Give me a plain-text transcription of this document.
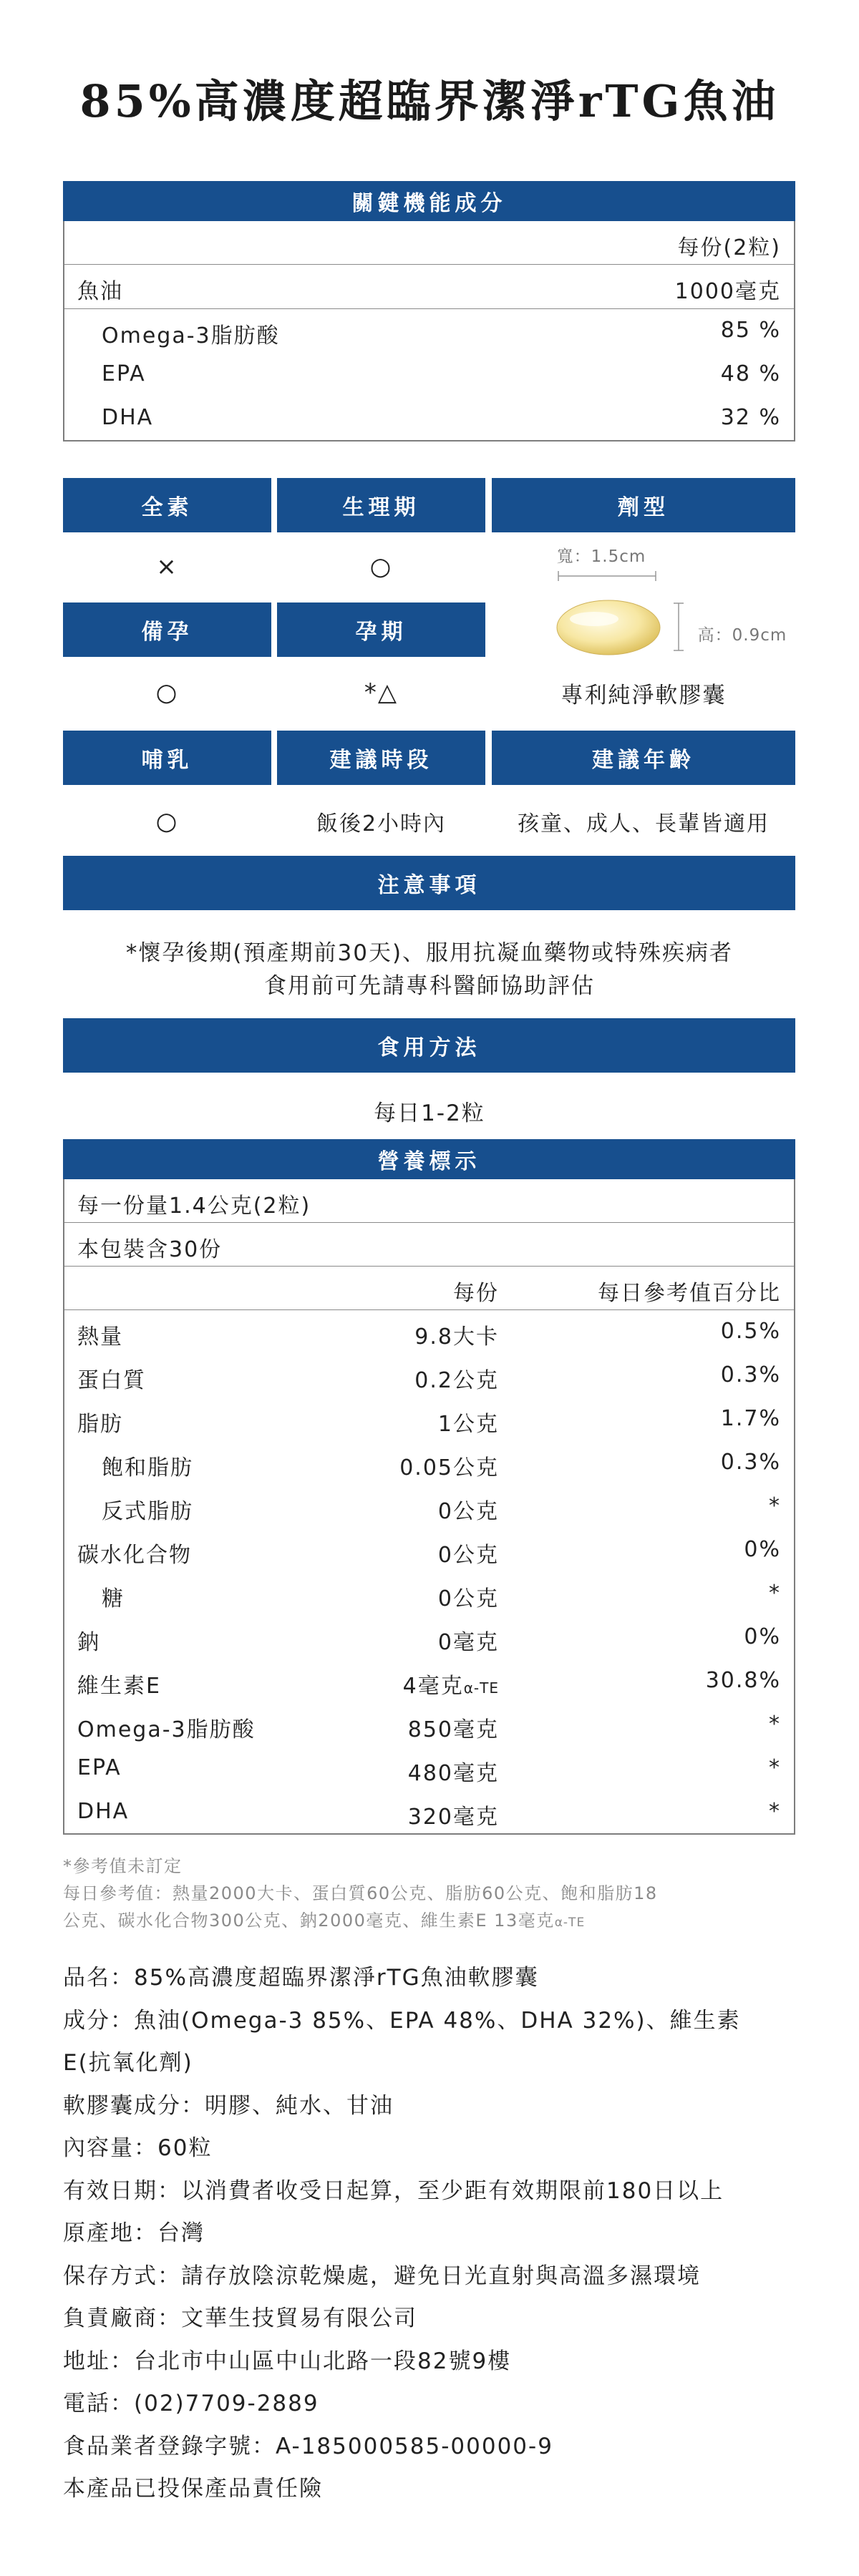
85%高濃度超臨界潔淨rTG魚油
關鍵機能成分
每份(2粒)
魚油	1000毫克
Omega-3脂肪酸	85 %
EPA	48 %
DHA	32 %
全素	生理期	劑型
×	○	寬：1.5cm
高：0.9cm
備孕	孕期
○	*△	專利純淨軟膠囊
哺乳	建議時段	建議年齡
○	飯後2小時內	孩童、成人、長輩皆適用
注意事項
*懷孕後期(預產期前30天)、服用抗凝血藥物或特殊疾病者
食用前可先請專科醫師協助評估
食用方法
每日1-2粒
營養標示
每一份量1.4公克(2粒)
本包裝含30份
每份	每日參考值百分比
熱量	9.8大卡	0.5%
蛋白質	0.2公克	0.3%
脂肪	1公克	1.7%
飽和脂肪	0.05公克	0.3%
反式脂肪	0公克	*
碳水化合物	0公克	0%
糖	0公克	*
鈉	0毫克	0%
維生素E	4毫克α-TE	30.8%
Omega-3脂肪酸	850毫克	*
EPA	480毫克	*
DHA	320毫克	*
*參考值未訂定
每日參考值：熱量2000大卡、蛋白質60公克、脂肪60公克、飽和脂肪18
公克、碳水化合物300公克、鈉2000毫克、維生素E 13毫克α-TE
品名：85%高濃度超臨界潔淨rTG魚油軟膠囊
成分：魚油(Omega-3 85%、EPA 48%、DHA 32%)、維生素
E(抗氧化劑)
軟膠囊成分：明膠、純水、甘油
內容量：60粒
有效日期：以消費者收受日起算，至少距有效期限前180日以上
原產地：台灣
保存方式：請存放陰涼乾燥處，避免日光直射與高溫多濕環境
負責廠商：文華生技貿易有限公司
地址：台北市中山區中山北路一段82號9樓
電話：(02)7709-2889
食品業者登錄字號：A-185000585-00000-9
本產品已投保產品責任險
